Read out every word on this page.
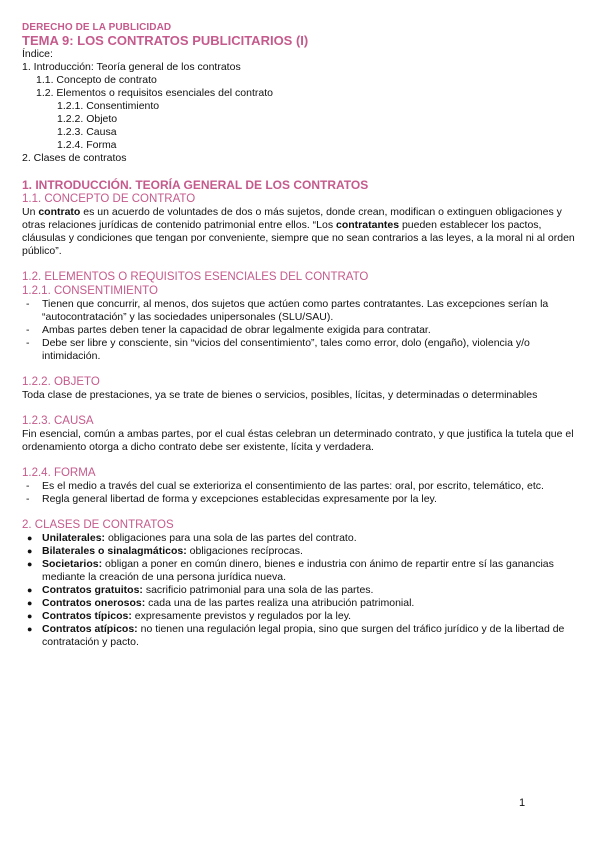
DERECHO DE LA PUBLICIDAD
TEMA 9: LOS CONTRATOS PUBLICITARIOS (I)
Índice:
1. Introducción: Teoría general de los contratos
1.1. Concepto de contrato
1.2. Elementos o requisitos esenciales del contrato
1.2.1. Consentimiento
1.2.2. Objeto
1.2.3. Causa
1.2.4. Forma
2. Clases de contratos
1. INTRODUCCIÓN. TEORÍA GENERAL DE LOS CONTRATOS
1.1. CONCEPTO DE CONTRATO

Un contrato es un acuerdo de voluntades de dos o más sujetos, donde crean, modifican o extinguen obligaciones y otras relaciones jurídicas de contenido patrimonial entre ellos. “Los contratantes pueden establecer los pactos, cláusulas y condiciones que tengan por conveniente, siempre que no sean contrarios a las leyes, a la moral ni al orden público”.

1.2. ELEMENTOS O REQUISITOS ESENCIALES DEL CONTRATO
1.2.1. CONSENTIMIENTO
- Tienen que concurrir, al menos, dos sujetos que actúen como partes contratantes. Las excepciones serían la “autocontratación” y las sociedades unipersonales (SLU/SAU).
- Ambas partes deben tener la capacidad de obrar legalmente exigida para contratar.
- Debe ser libre y consciente, sin “vicios del consentimiento”, tales como error, dolo (engaño), violencia y/o intimidación.
1.2.2. OBJETO

Toda clase de prestaciones, ya se trate de bienes o servicios, posibles, lícitas, y determinadas o determinables

1.2.3. CAUSA

Fin esencial, común a ambas partes, por el cual éstas celebran un determinado contrato, y que justifica la tutela que el ordenamiento otorga a dicho contrato debe ser existente, lícita y verdadera.

1.2.4. FORMA
- Es el medio a través del cual se exterioriza el consentimiento de las partes: oral, por escrito, telemático, etc.
- Regla general libertad de forma y excepciones establecidas expresamente por la ley.
2. CLASES DE CONTRATOS
● Unilaterales: obligaciones para una sola de las partes del contrato.
● Bilaterales o sinalagmáticos: obligaciones recíprocas.
● Societarios: obligan a poner en común dinero, bienes e industria con ánimo de repartir entre sí las ganancias mediante la creación de una persona jurídica nueva.
● Contratos gratuitos: sacrificio patrimonial para una sola de las partes.
● Contratos onerosos: cada una de las partes realiza una atribución patrimonial.
● Contratos típicos: expresamente previstos y regulados por la ley.
● Contratos atípicos: no tienen una regulación legal propia, sino que surgen del tráfico jurídico y de la libertad de contratación y pacto.
1
